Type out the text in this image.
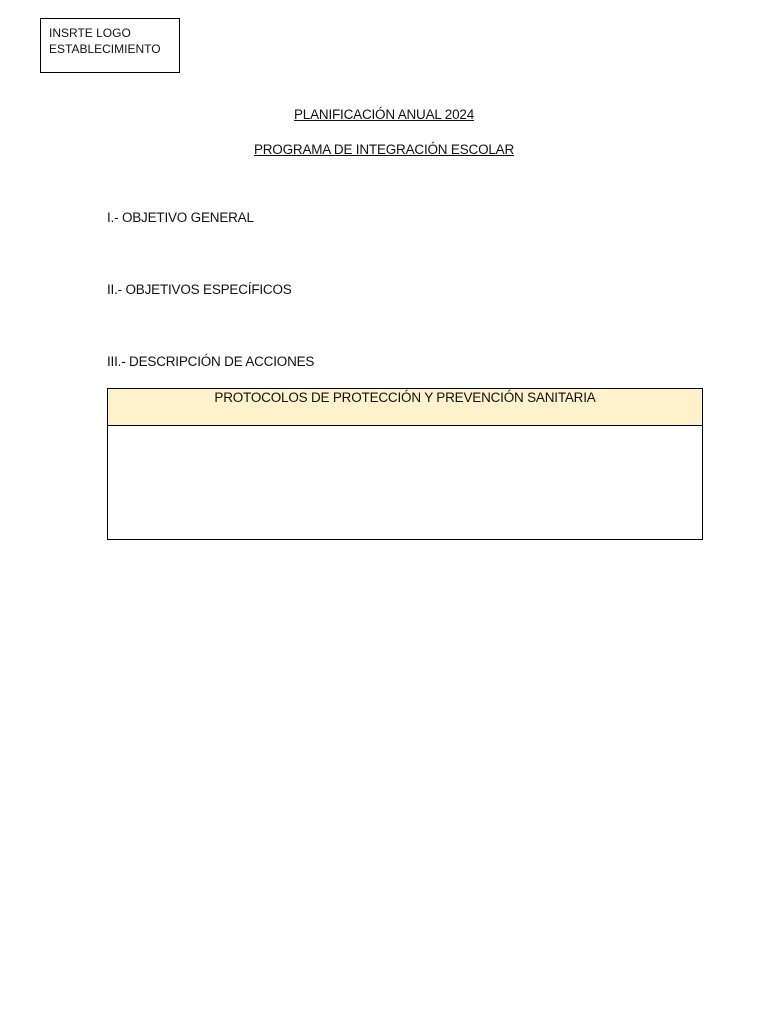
INSRTE LOGO
ESTABLECIMIENTO
PLANIFICACIÓN ANUAL 2024
PROGRAMA DE INTEGRACIÓN ESCOLAR
I.- OBJETIVO GENERAL
II.- OBJETIVOS ESPECÍFICOS
III.- DESCRIPCIÓN DE ACCIONES
PROTOCOLOS DE PROTECCIÓN Y PREVENCIÓN SANITARIA
